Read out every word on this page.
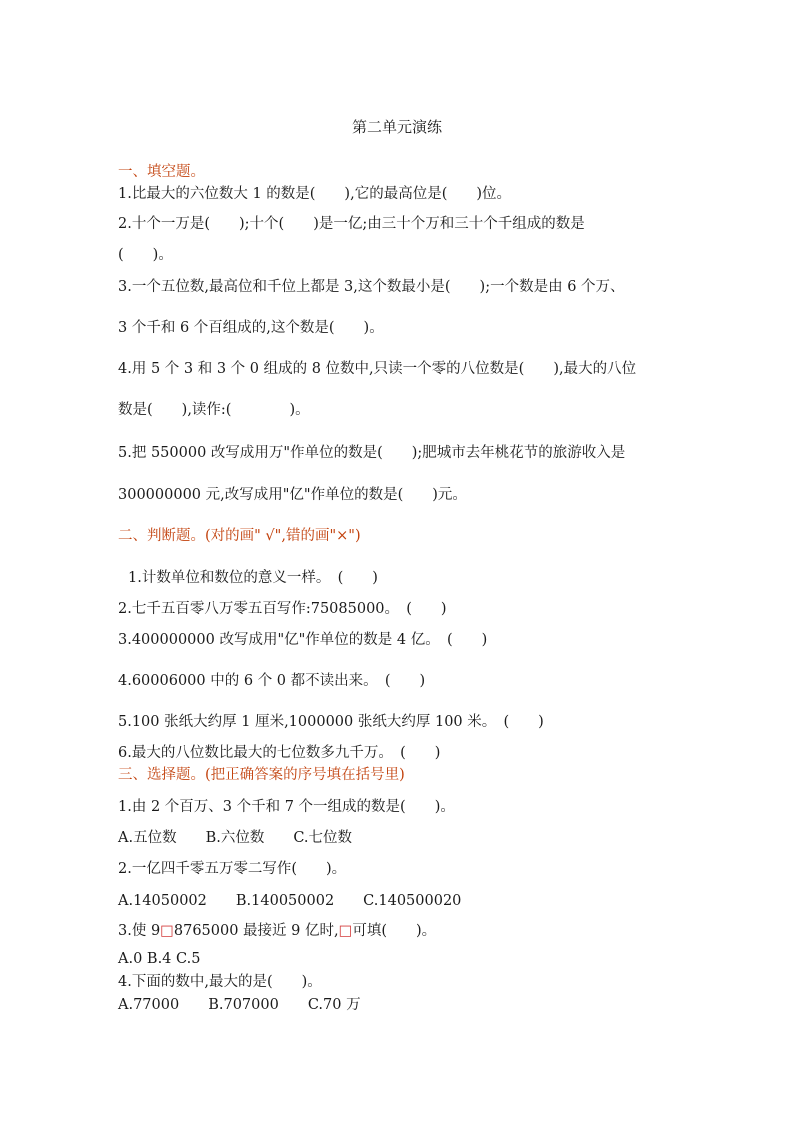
第二单元演练
一、填空题。
1.比最大的六位数大 1 的数是(　　),它的最高位是(　　)位。
2.十个一万是(　　);十个(　　)是一亿;由三十个万和三十个千组成的数是
(　　)。
3.一个五位数,最高位和千位上都是 3,这个数最小是(　　);一个数是由 6 个万、
3 个千和 6 个百组成的,这个数是(　　)。
4.用 5 个 3 和 3 个 0 组成的 8 位数中,只读一个零的八位数是(　　),最大的八位
数是(　　),读作:(　　　　)。
5.把 550000 改写成用万"作单位的数是(　　);肥城市去年桃花节的旅游收入是
300000000 元,改写成用"亿"作单位的数是(　　)元。
二、判断题。(对的画" √",错的画"×")
1.计数单位和数位的意义一样。　(　　)
2.七千五百零八万零五百写作:75085000。　(　　)
3.400000000 改写成用"亿"作单位的数是 4 亿。　(　　)
4.60006000 中的 6 个 0 都不读出来。　(　　)
5.100 张纸大约厚 1 厘米,1000000 张纸大约厚 100 米。　(　　)
6.最大的八位数比最大的七位数多九千万。　(　　)
三、选择题。(把正确答案的序号填在括号里)
1.由 2 个百万、3 个千和 7 个一组成的数是(　　)。
A.五位数　　B.六位数　　C.七位数
2.一亿四千零五万零二写作(　　)。
A.14050002　　B.140050002　　C.140500020
3.使 9□8765000 最接近 9 亿时,□可填(　　)。
A.0 B.4 C.5
4.下面的数中,最大的是(　　)。
A.77000　　B.707000　　C.70 万
